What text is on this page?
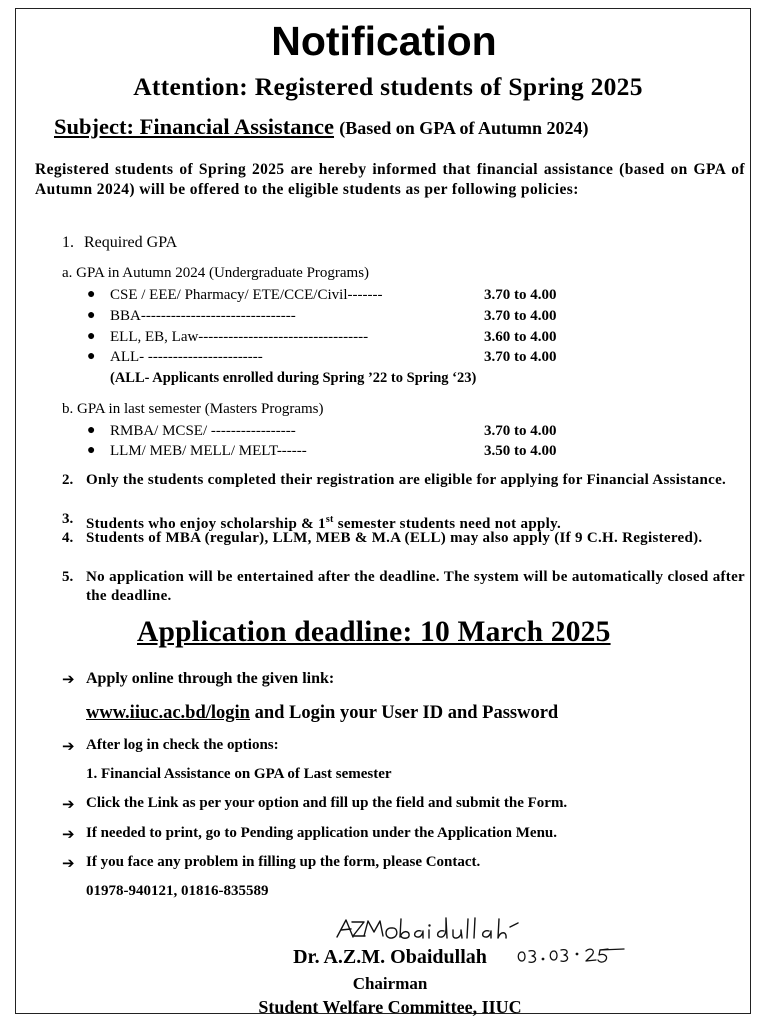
Notification
Attention: Registered students of Spring 2025
Subject: Financial Assistance (Based on GPA of Autumn 2024)
Registered students of Spring 2025 are hereby informed that financial assistance (based on GPA of Autumn 2024) will be offered to the eligible students as per following policies:
1. Required GPA
a. GPA in Autumn 2024 (Undergraduate Programs)
● CSE / EEE/ Pharmacy/ ETE/CCE/Civil-------	3.70 to 4.00
● BBA-------------------------------	3.70 to 4.00
● ELL, EB, Law----------------------------------	3.60 to 4.00
● ALL- -----------------------	3.70 to 4.00
(ALL- Applicants enrolled during Spring ’22 to Spring ‘23)
b. GPA in last semester (Masters Programs)
● RMBA/ MCSE/ -----------------	3.70 to 4.00
● LLM/ MEB/ MELL/ MELT------	3.50 to 4.00
2. Only the students completed their registration are eligible for applying for Financial Assistance.
3. Students who enjoy scholarship & 1st semester students need not apply.
4. Students of MBA (regular), LLM, MEB & M.A (ELL) may also apply (If 9 C.H. Registered).
5. No application will be entertained after the deadline. The system will be automatically closed after the deadline.
Application deadline: 10 March 2025
➔ Apply online through the given link:
www.iiuc.ac.bd/login and Login your User ID and Password
➔ After log in check the options:
1. Financial Assistance on GPA of Last semester
➔ Click the Link as per your option and fill up the field and submit the Form.
➔ If needed to print, go to Pending application under the Application Menu.
➔ If you face any problem in filling up the form, please Contact.
01978-940121, 01816-835589
Dr. A.Z.M. Obaidullah
Chairman
Student Welfare Committee, IIUC
